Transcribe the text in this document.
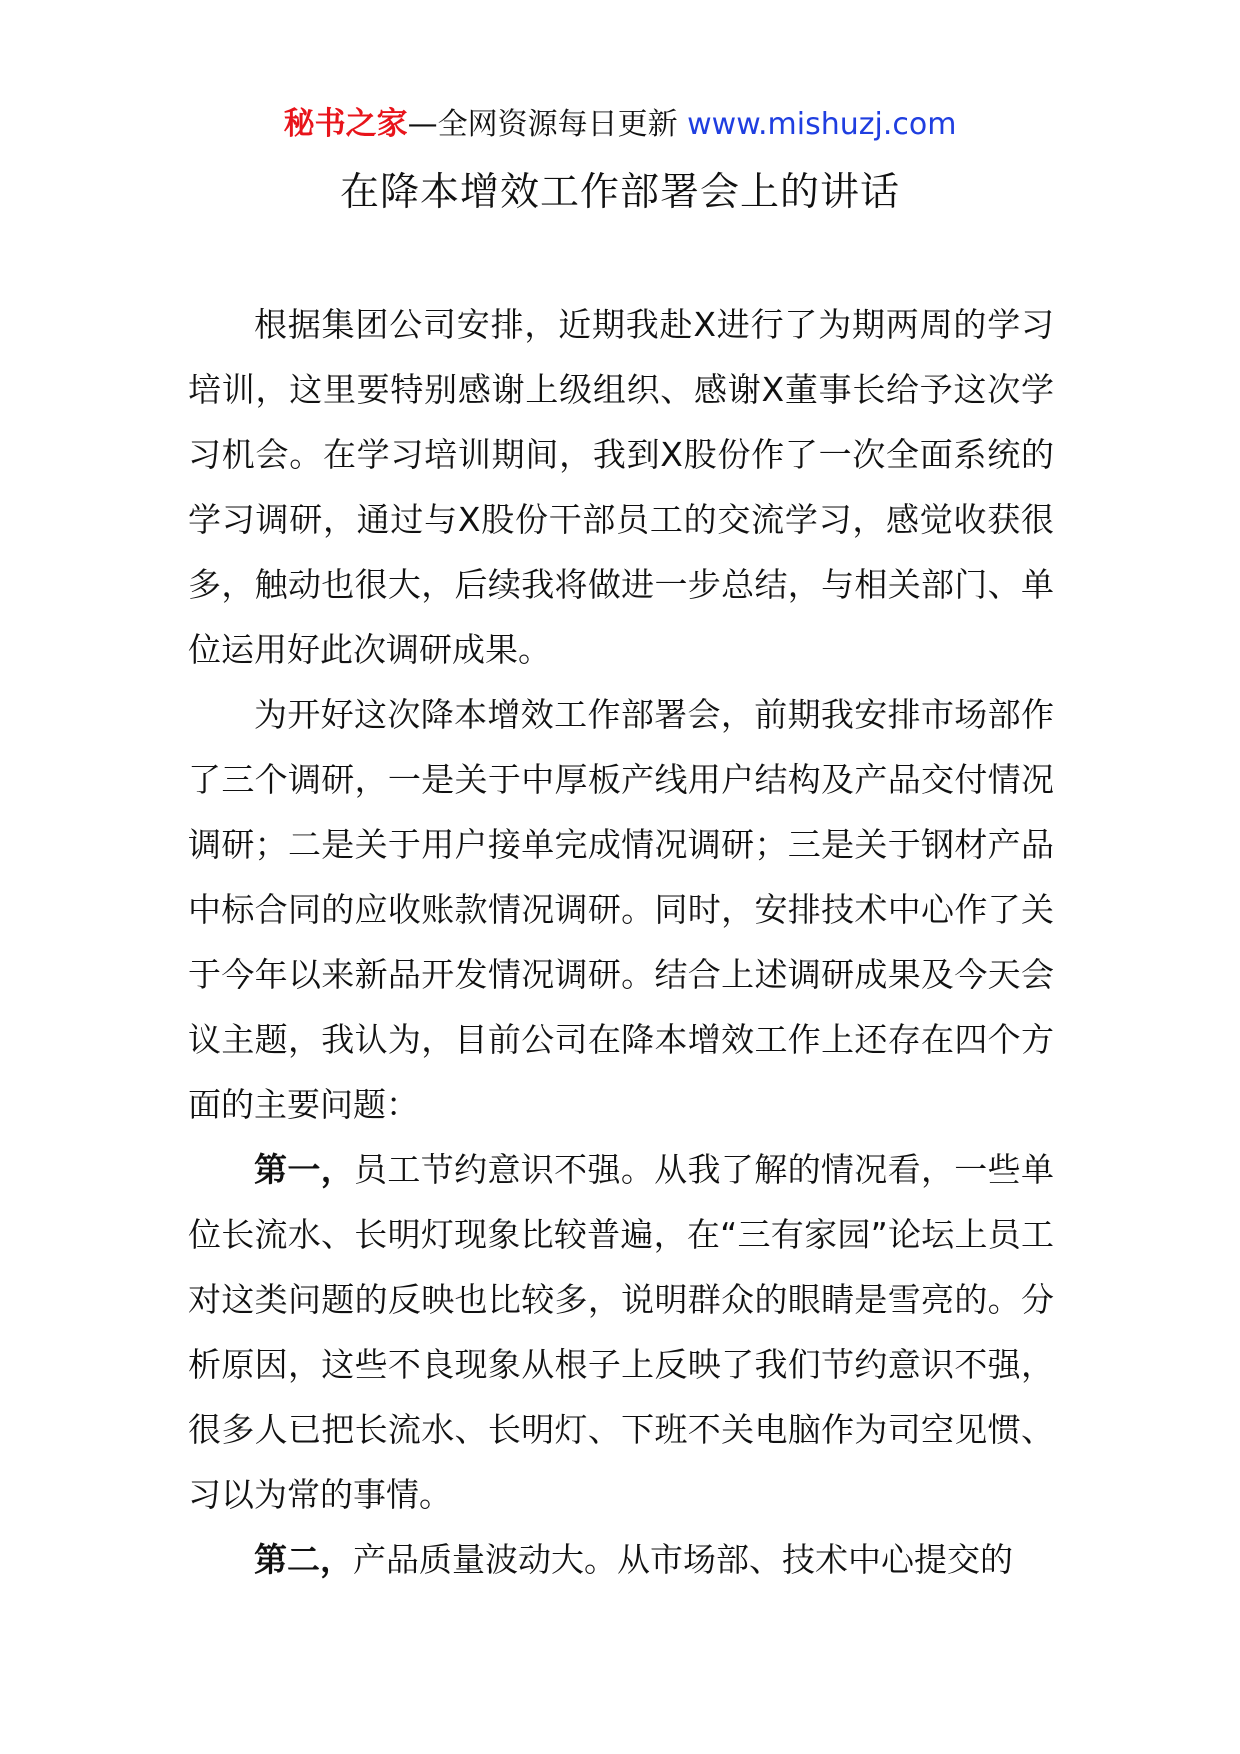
秘书之家—全网资源每日更新 www.mishuzj.com
在降本增效工作部署会上的讲话

根据集团公司安排，近期我赴X进行了为期两周的学习培训，这里要特别感谢上级组织、感谢X董事长给予这次学习机会。在学习培训期间，我到X股份作了一次全面系统的学习调研，通过与X股份干部员工的交流学习，感觉收获很多，触动也很大，后续我将做进一步总结，与相关部门、单位运用好此次调研成果。

为开好这次降本增效工作部署会，前期我安排市场部作了三个调研，一是关于中厚板产线用户结构及产品交付情况调研；二是关于用户接单完成情况调研；三是关于钢材产品中标合同的应收账款情况调研。同时，安排技术中心作了关于今年以来新品开发情况调研。结合上述调研成果及今天会议主题，我认为，目前公司在降本增效工作上还存在四个方面的主要问题：

第一，员工节约意识不强。从我了解的情况看，一些单位长流水、长明灯现象比较普遍，在“三有家园”论坛上员工对这类问题的反映也比较多，说明群众的眼睛是雪亮的。分析原因，这些不良现象从根子上反映了我们节约意识不强，很多人已把长流水、长明灯、下班不关电脑作为司空见惯、习以为常的事情。

第二，产品质量波动大。从市场部、技术中心提交的
